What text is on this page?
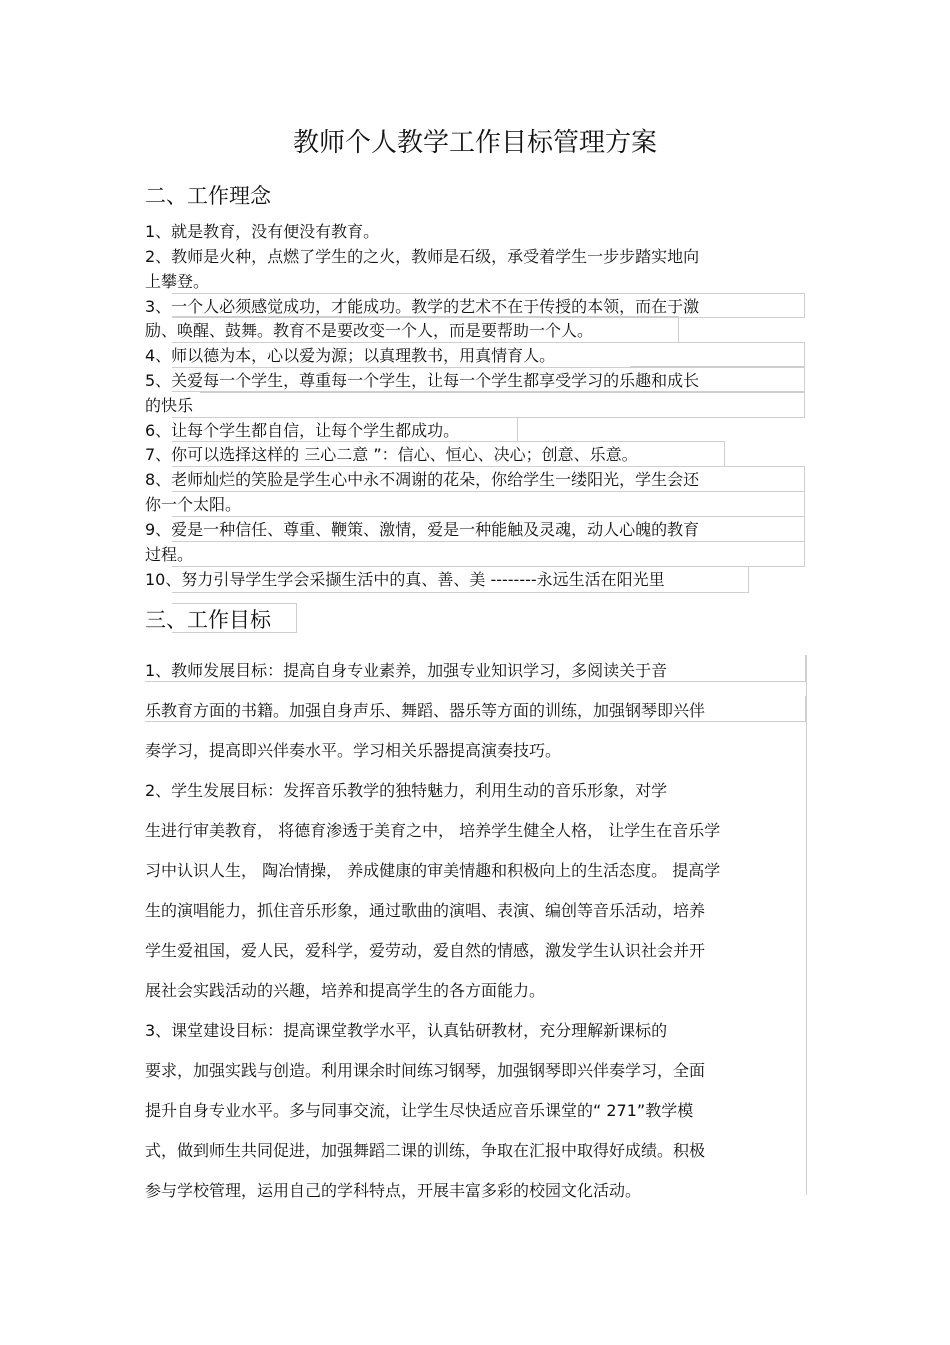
教师个人教学工作目标管理方案
二、工作理念
1、就是教育，没有便没有教育。
2、教师是火种，点燃了学生的之火，教师是石级，承受着学生一步步踏实地向
上攀登。
3、一个人必须感觉成功，才能成功。教学的艺术不在于传授的本领，而在于激
励、唤醒、鼓舞。教育不是要改变一个人，而是要帮助一个人。
4、师以德为本，心以爱为源；以真理教书，用真情育人。
5、关爱每一个学生，尊重每一个学生，让每一个学生都享受学习的乐趣和成长
的快乐
6、让每个学生都自信，让每个学生都成功。
7、你可以选择这样的 三心二意 ”：信心、恒心、决心；创意、乐意。
8、老师灿烂的笑脸是学生心中永不凋谢的花朵，你给学生一缕阳光，学生会还
你一个太阳。
9、爱是一种信任、尊重、鞭策、激情，爱是一种能触及灵魂，动人心魄的教育
过程。
10、努力引导学生学会采撷生活中的真、善、美 --------永远生活在阳光里
三、工作目标
1、教师发展目标：提高自身专业素养，加强专业知识学习，多阅读关于音
乐教育方面的书籍。加强自身声乐、舞蹈、器乐等方面的训练，加强钢琴即兴伴
奏学习，提高即兴伴奏水平。学习相关乐器提高演奏技巧。
2、学生发展目标：发挥音乐教学的独特魅力，利用生动的音乐形象，对学
生进行审美教育， 将德育渗透于美育之中， 培养学生健全人格， 让学生在音乐学
习中认识人生， 陶冶情操， 养成健康的审美情趣和积极向上的生活态度。 提高学
生的演唱能力，抓住音乐形象，通过歌曲的演唱、表演、编创等音乐活动，培养
学生爱祖国，爱人民，爱科学，爱劳动，爱自然的情感，激发学生认识社会并开
展社会实践活动的兴趣，培养和提高学生的各方面能力。
3、课堂建设目标：提高课堂教学水平，认真钻研教材，充分理解新课标的
要求，加强实践与创造。利用课余时间练习钢琴，加强钢琴即兴伴奏学习，全面
提升自身专业水平。多与同事交流，让学生尽快适应音乐课堂的“ 271”教学模
式，做到师生共同促进，加强舞蹈二课的训练，争取在汇报中取得好成绩。积极
参与学校管理，运用自己的学科特点，开展丰富多彩的校园文化活动。
